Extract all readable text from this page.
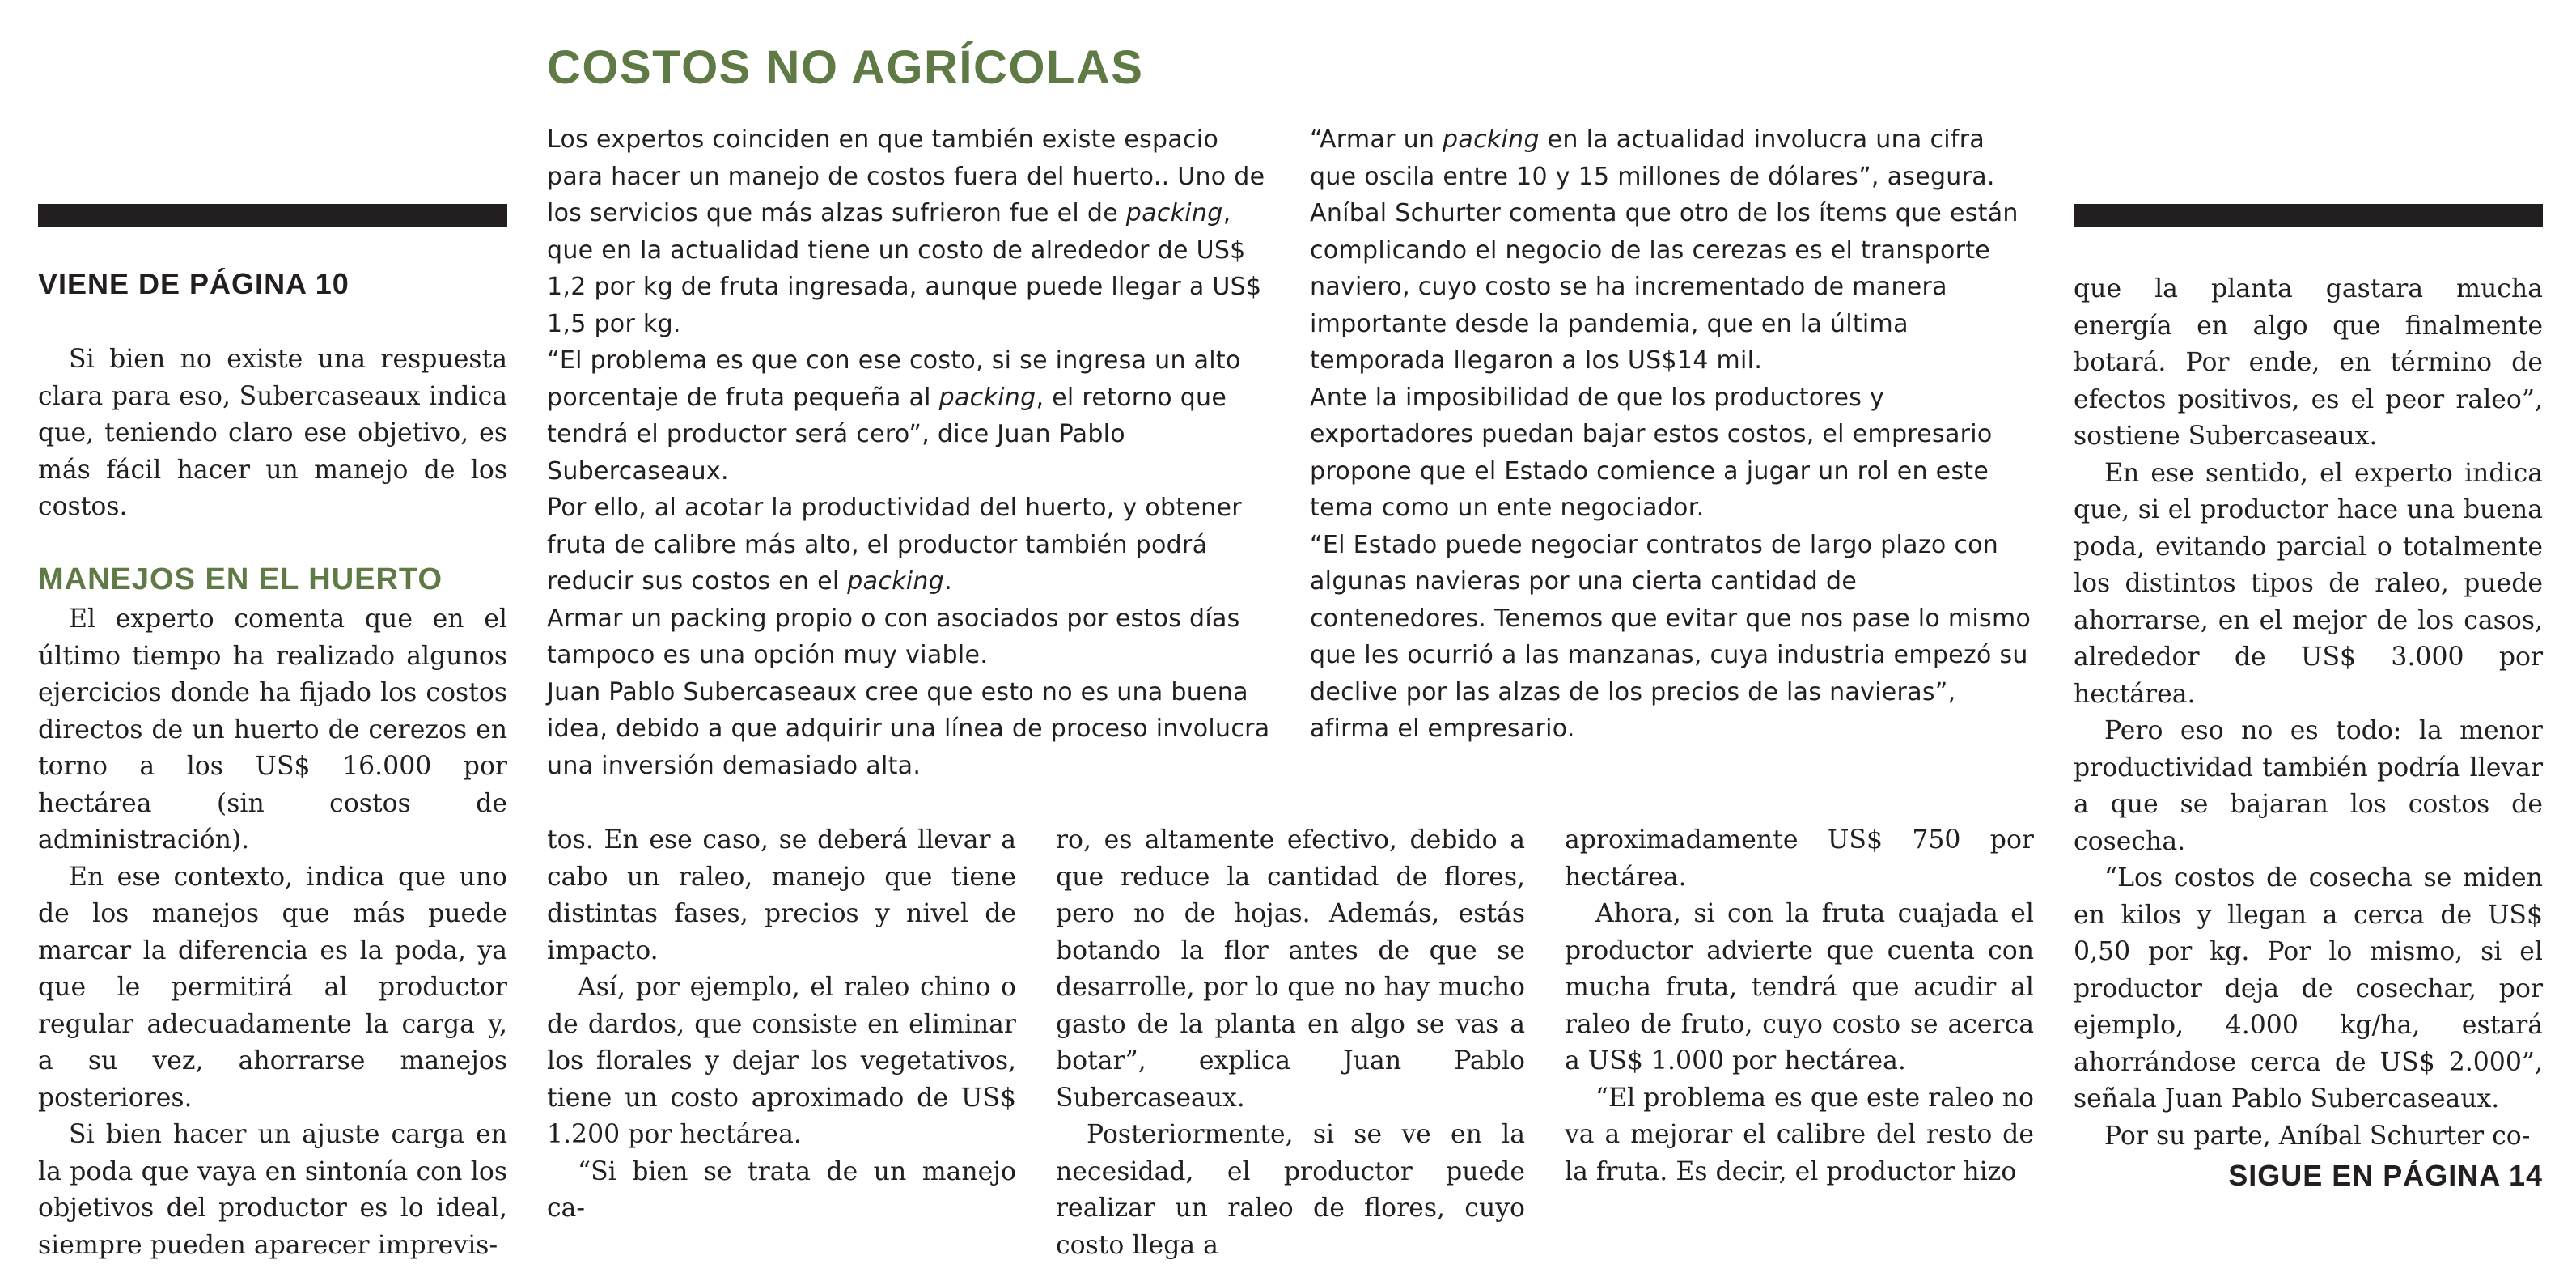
VIENE DE PÁGINA 10

Si bien no existe una respuesta clara para eso, Subercaseaux indica que, teniendo claro ese objetivo, es más fácil hacer un manejo de los costos.

MANEJOS EN EL HUERTO

El experto comenta que en el último tiempo ha realizado algunos ejercicios donde ha fijado los costos directos de un huerto de cerezos en torno a los US$ 16.000 por hectárea (sin costos de administración).

En ese contexto, indica que uno de los manejos que más puede marcar la diferencia es la poda, ya que le permitirá al productor regular adecuadamente la carga y, a su vez, ahorrarse manejos posteriores.

Si bien hacer un ajuste carga en la poda que vaya en sintonía con los objetivos del productor es lo ideal, siempre pueden aparecer imprevis-

COSTOS NO AGRÍCOLAS

Los expertos coinciden en que también existe espacio para hacer un manejo de costos fuera del huerto.. Uno de los servicios que más alzas sufrieron fue el de packing, que en la actualidad tiene un costo de alrededor de US$ 1,2 por kg de fruta ingresada, aunque puede llegar a US$ 1,5 por kg.

“El problema es que con ese costo, si se ingresa un alto porcentaje de fruta pequeña al packing, el retorno que tendrá el productor será cero”, dice Juan Pablo Subercaseaux.

Por ello, al acotar la productividad del huerto, y obtener fruta de calibre más alto, el productor también podrá reducir sus costos en el packing.

Armar un packing propio o con asociados por estos días tampoco es una opción muy viable.

Juan Pablo Subercaseaux cree que esto no es una buena idea, debido a que adquirir una línea de proceso involucra una inversión demasiado alta.

“Armar un packing en la actualidad involucra una cifra que oscila entre 10 y 15 millones de dólares”, asegura.

Aníbal Schurter comenta que otro de los ítems que están complicando el negocio de las cerezas es el transporte naviero, cuyo costo se ha incrementado de manera importante desde la pandemia, que en la última temporada llegaron a los US$14 mil.

Ante la imposibilidad de que los productores y exportadores puedan bajar estos costos, el empresario propone que el Estado comience a jugar un rol en este tema como un ente negociador.

“El Estado puede negociar contratos de largo plazo con algunas navieras por una cierta cantidad de contenedores. Tenemos que evitar que nos pase lo mismo que les ocurrió a las manzanas, cuya industria empezó su declive por las alzas de los precios de las navieras”, afirma el empresario.

tos. En ese caso, se deberá llevar a cabo un raleo, manejo que tiene distintas fases, precios y nivel de impacto.

Así, por ejemplo, el raleo chino o de dardos, que consiste en eliminar los florales y dejar los vegetativos, tiene un costo aproximado de US$ 1.200 por hectárea.

“Si bien se trata de un manejo ca-

ro, es altamente efectivo, debido a que reduce la cantidad de flores, pero no de hojas. Además, estás botando la flor antes de que se desarrolle, por lo que no hay mucho gasto de la planta en algo se vas a botar”, explica Juan Pablo Subercaseaux.

Posteriormente, si se ve en la necesidad, el productor puede realizar un raleo de flores, cuyo costo llega a

aproximadamente US$ 750 por hectárea.

Ahora, si con la fruta cuajada el productor advierte que cuenta con mucha fruta, tendrá que acudir al raleo de fruto, cuyo costo se acerca a US$ 1.000 por hectárea.

“El problema es que este raleo no va a mejorar el calibre del resto de la fruta. Es decir, el productor hizo

que la planta gastara mucha energía en algo que finalmente botará. Por ende, en término de efectos positivos, es el peor raleo”, sostiene Subercaseaux.

En ese sentido, el experto indica que, si el productor hace una buena poda, evitando parcial o totalmente los distintos tipos de raleo, puede ahorrarse, en el mejor de los casos, alrededor de US$ 3.000 por hectárea.

Pero eso no es todo: la menor productividad también podría llevar a que se bajaran los costos de cosecha.

“Los costos de cosecha se miden en kilos y llegan a cerca de US$ 0,50 por kg. Por lo mismo, si el productor deja de cosechar, por ejemplo, 4.000 kg/ha, estará ahorrándose cerca de US$ 2.000”, señala Juan Pablo Subercaseaux.

Por su parte, Aníbal Schurter co-

SIGUE EN PÁGINA 14
